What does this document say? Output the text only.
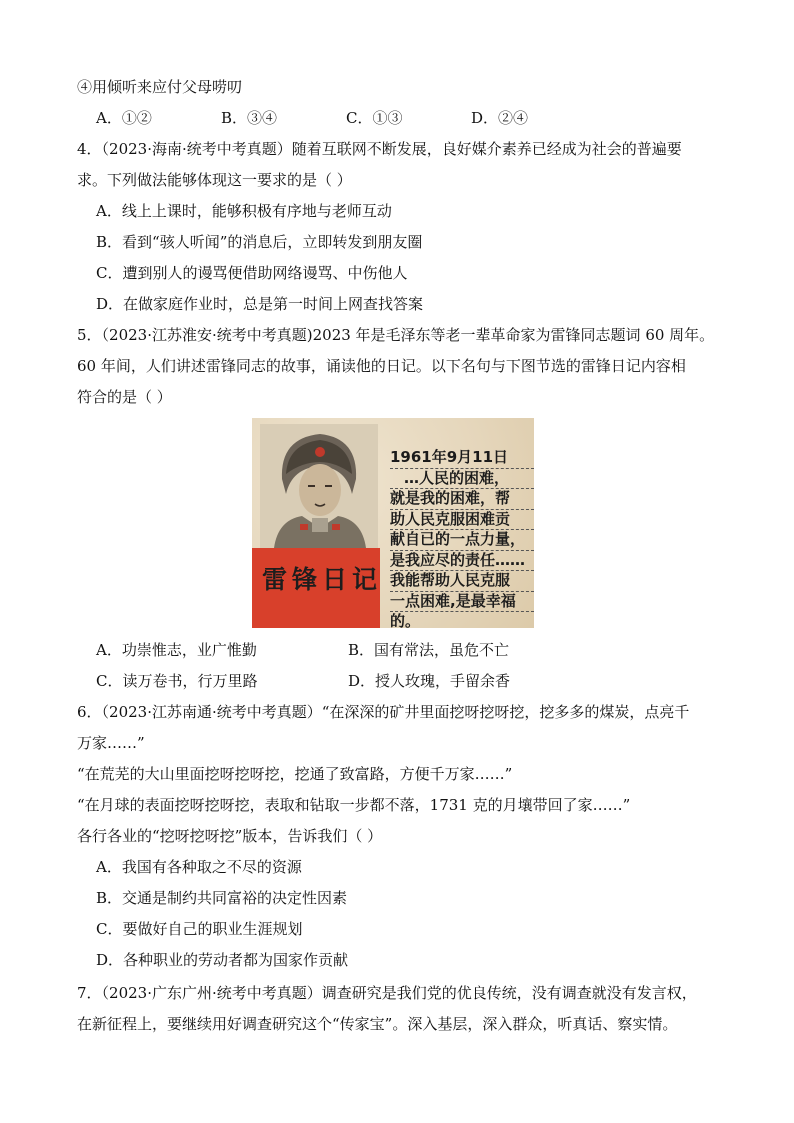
④用倾听来应付父母唠叨
A．①②	B．③④	C．①③	D．②④
4．（2023·海南·统考中考真题）随着互联网不断发展，良好媒介素养已经成为社会的普遍要
求。下列做法能够体现这一要求的是（ ）
A．线上上课时，能够积极有序地与老师互动
B．看到“骇人听闻”的消息后，立即转发到朋友圈
C．遭到别人的谩骂便借助网络谩骂、中伤他人
D．在做家庭作业时，总是第一时间上网查找答案
5．（2023·江苏淮安·统考中考真题)2023 年是毛泽东等老一辈革命家为雷锋同志题词 60 周年。
60 年间，人们讲述雷锋同志的故事，诵读他的日记。以下名句与下图节选的雷锋日记内容相
符合的是（ ）
雷锋日记
1961年9月11日
…人民的困难，
就是我的困难，帮
助人民克服困难贡
献自已的一点力量，
是我应尽的责任……
我能帮助人民克服
一点困难,是最幸福
的。
A．功崇惟志，业广惟勤	B．国有常法，虽危不亡
C．读万卷书，行万里路	D．授人玫瑰，手留余香
6．（2023·江苏南通·统考中考真题）“在深深的矿井里面挖呀挖呀挖，挖多多的煤炭，点亮千
万家……”
“在荒芜的大山里面挖呀挖呀挖，挖通了致富路，方便千万家……”
“在月球的表面挖呀挖呀挖，表取和钻取一步都不落，1731 克的月壤带回了家……”
各行各业的“挖呀挖呀挖”版本，告诉我们（ ）
A．我国有各种取之不尽的资源
B．交通是制约共同富裕的决定性因素
C．要做好自己的职业生涯规划
D．各种职业的劳动者都为国家作贡献
7．（2023·广东广州·统考中考真题）调查研究是我们党的优良传统，没有调查就没有发言权，
在新征程上，要继续用好调查研究这个“传家宝”。深入基层，深入群众，听真话、察实情。
